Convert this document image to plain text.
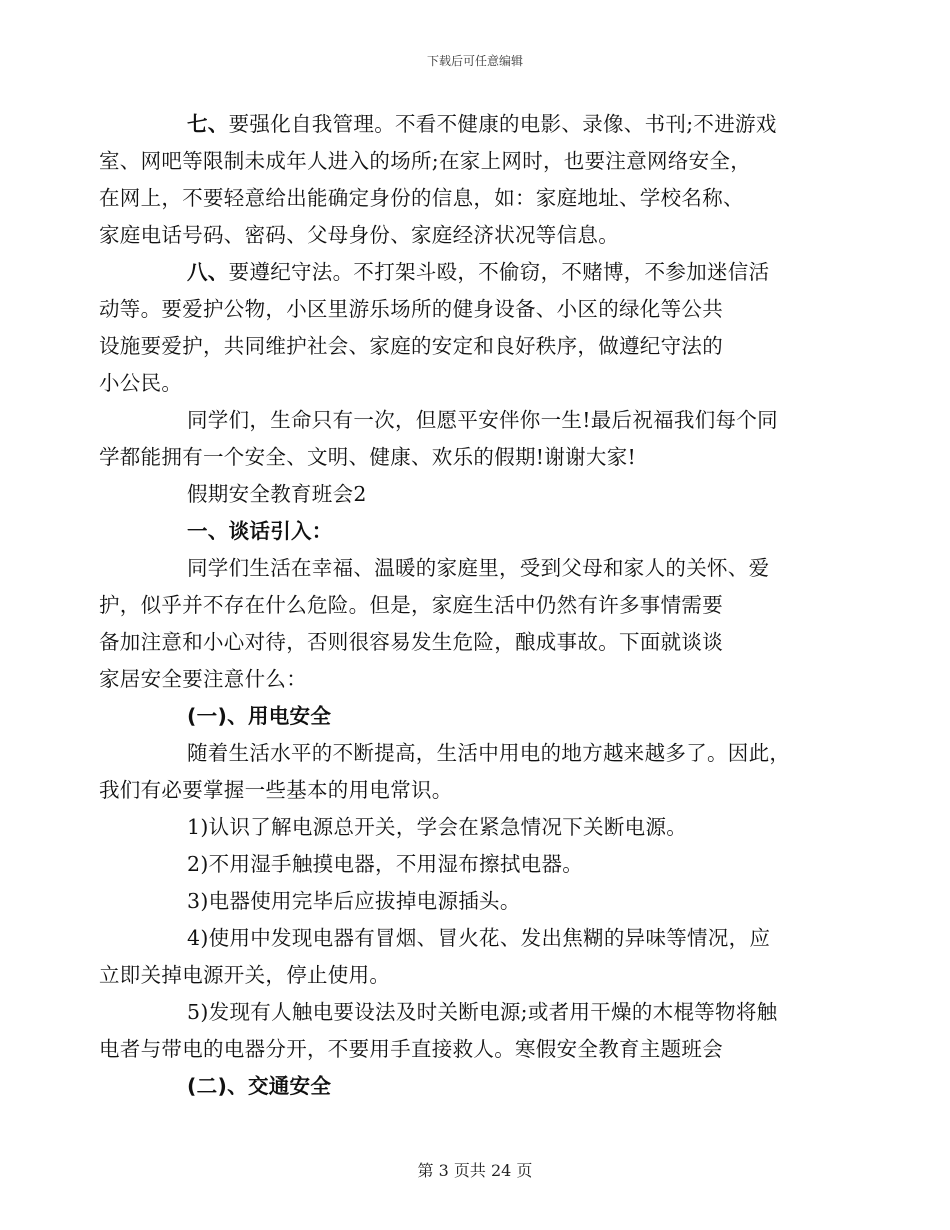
下载后可任意编辑

七、要强化自我管理。不看不健康的电影、录像、书刊;不进游戏
室、网吧等限制未成年人进入的场所;在家上网时，也要注意网络安全，
在网上，不要轻意给出能确定身份的信息，如：家庭地址、学校名称、
家庭电话号码、密码、父母身份、家庭经济状况等信息。

八、要遵纪守法。不打架斗殴，不偷窃，不赌博，不参加迷信活
动等。要爱护公物，小区里游乐场所的健身设备、小区的绿化等公共
设施要爱护，共同维护社会、家庭的安定和良好秩序，做遵纪守法的
小公民。

同学们，生命只有一次，但愿平安伴你一生!最后祝福我们每个同
学都能拥有一个安全、文明、健康、欢乐的假期!谢谢大家!

假期安全教育班会2

一、谈话引入：

同学们生活在幸福、温暖的家庭里，受到父母和家人的关怀、爱
护，似乎并不存在什么危险。但是，家庭生活中仍然有许多事情需要
备加注意和小心对待，否则很容易发生危险，酿成事故。下面就谈谈
家居安全要注意什么：

(一)、用电安全

随着生活水平的不断提高，生活中用电的地方越来越多了。因此，
我们有必要掌握一些基本的用电常识。

1)认识了解电源总开关，学会在紧急情况下关断电源。

2)不用湿手触摸电器，不用湿布擦拭电器。

3)电器使用完毕后应拔掉电源插头。

4)使用中发现电器有冒烟、冒火花、发出焦糊的异味等情况，应
立即关掉电源开关，停止使用。

5)发现有人触电要设法及时关断电源;或者用干燥的木棍等物将触
电者与带电的电器分开，不要用手直接救人。寒假安全教育主题班会

(二)、交通安全

第 3 页共 24 页
